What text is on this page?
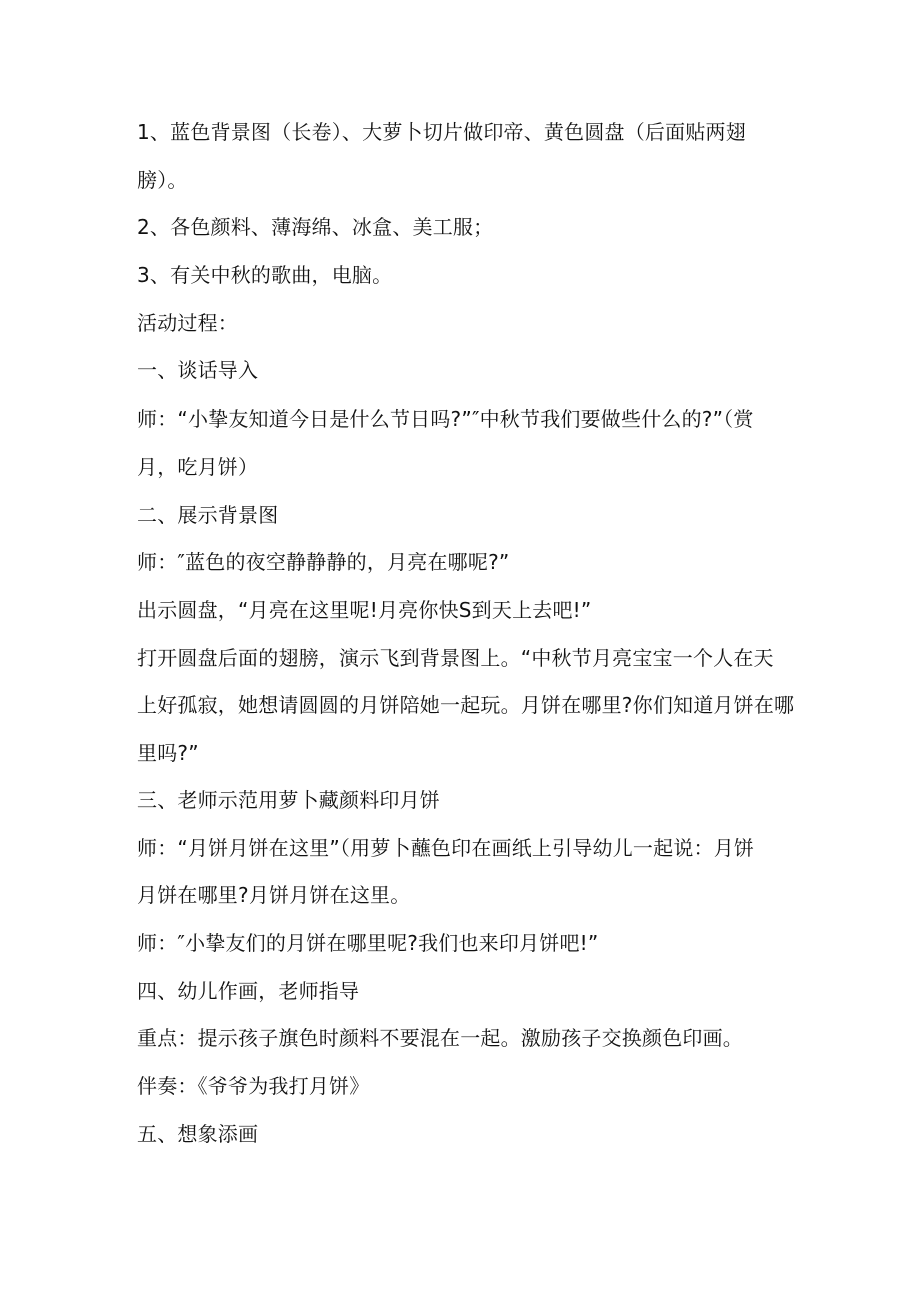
1、蓝色背景图（长卷）、大萝卜切片做印帝、黄色圆盘（后面贴两翅
膀）。
2、各色颜料、薄海绵、冰盒、美工服；
3、有关中秋的歌曲，电脑。
活动过程：
一、谈话导入
师：“小挚友知道今日是什么节日吗?”″中秋节我们要做些什么的?”（赏
月，吃月饼）
二、展示背景图
师：″蓝色的夜空静静静的，月亮在哪呢?”
出示圆盘，“月亮在这里呢!月亮你快S到天上去吧!”
打开圆盘后面的翅膀，演示飞到背景图上。“中秋节月亮宝宝一个人在天
上好孤寂，她想请圆圆的月饼陪她一起玩。月饼在哪里?你们知道月饼在哪
里吗?”
三、老师示范用萝卜藏颜料印月饼
师：“月饼月饼在这里”（用萝卜蘸色印在画纸上引导幼儿一起说：月饼
月饼在哪里?月饼月饼在这里。
师：″小挚友们的月饼在哪里呢?我们也来印月饼吧!”
四、幼儿作画，老师指导
重点：提示孩子旗色时颜料不要混在一起。激励孩子交换颜色印画。
伴奏：《爷爷为我打月饼》
五、想象添画
